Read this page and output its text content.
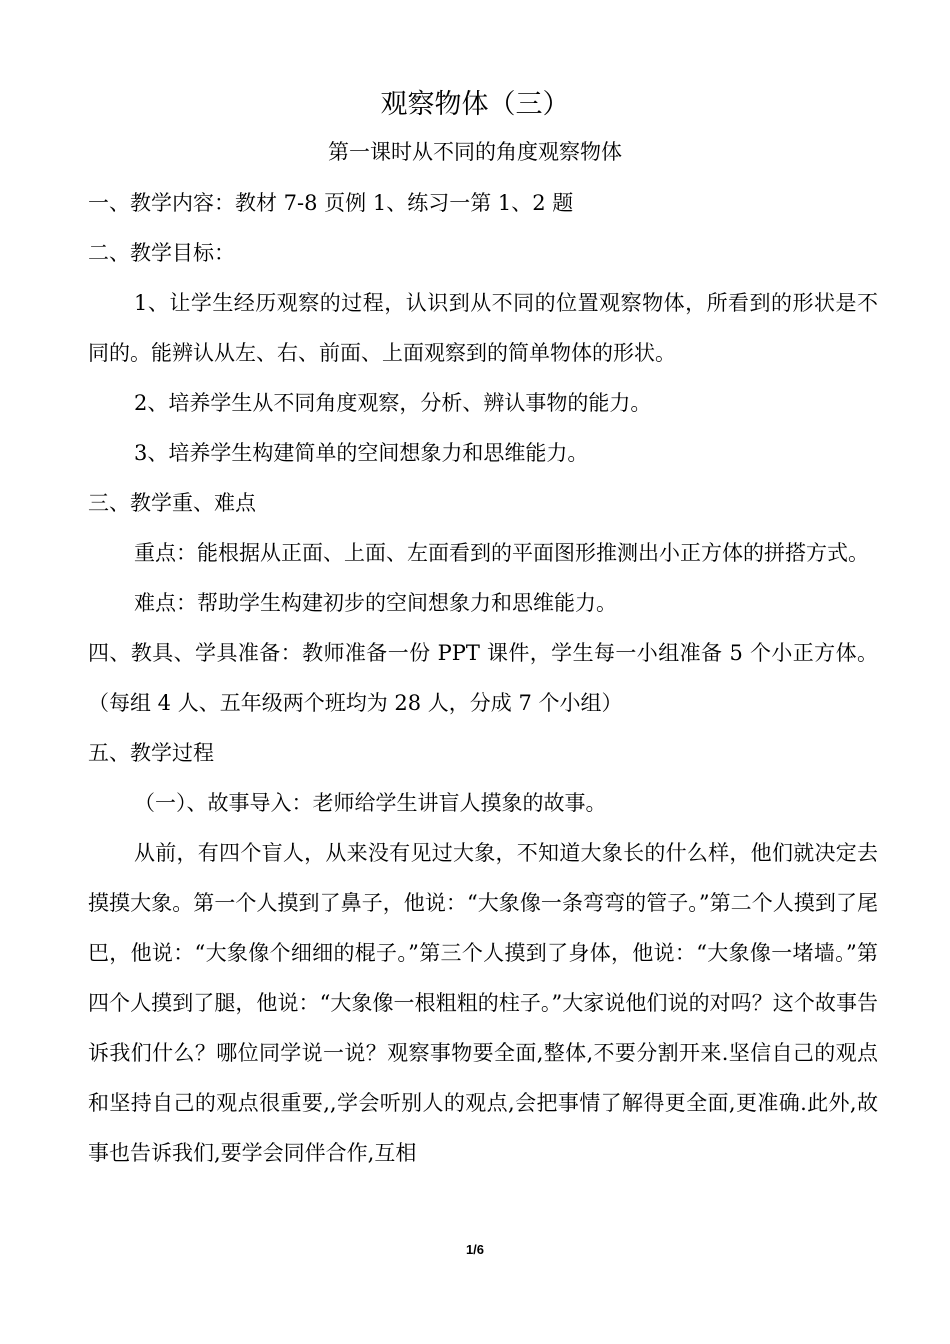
观察物体（三）
第一课时从不同的角度观察物体

一、教学内容：教材 7-8 页例 1、练习一第 1、2 题

二、教学目标：

1、让学生经历观察的过程，认识到从不同的位置观察物体，所看到的形状是不同的。能辨认从左、右、前面、上面观察到的简单物体的形状。

2、培养学生从不同角度观察，分析、辨认事物的能力。

3、培养学生构建简单的空间想象力和思维能力。

三、教学重、难点

重点：能根据从正面、上面、左面看到的平面图形推测出小正方体的拼搭方式。

难点：帮助学生构建初步的空间想象力和思维能力。

四、教具、学具准备：教师准备一份 PPT 课件，学生每一小组准备 5 个小正方体。（每组 4 人、五年级两个班均为 28 人，分成 7 个小组）

五、教学过程

（一）、故事导入：老师给学生讲盲人摸象的故事。

从前，有四个盲人，从来没有见过大象，不知道大象长的什么样，他们就决定去摸摸大象。第一个人摸到了鼻子，他说：“大象像一条弯弯的管子。”第二个人摸到了尾巴，他说：“大象像个细细的棍子。”第三个人摸到了身体，他说：“大象像一堵墙。”第四个人摸到了腿，他说：“大象像一根粗粗的柱子。”大家说他们说的对吗？这个故事告诉我们什么？哪位同学说一说？观察事物要全面,整体,不要分割开来.坚信自己的观点和坚持自己的观点很重要,,学会听别人的观点,会把事情了解得更全面,更准确.此外,故事也告诉我们,要学会同伴合作,互相

1/6
